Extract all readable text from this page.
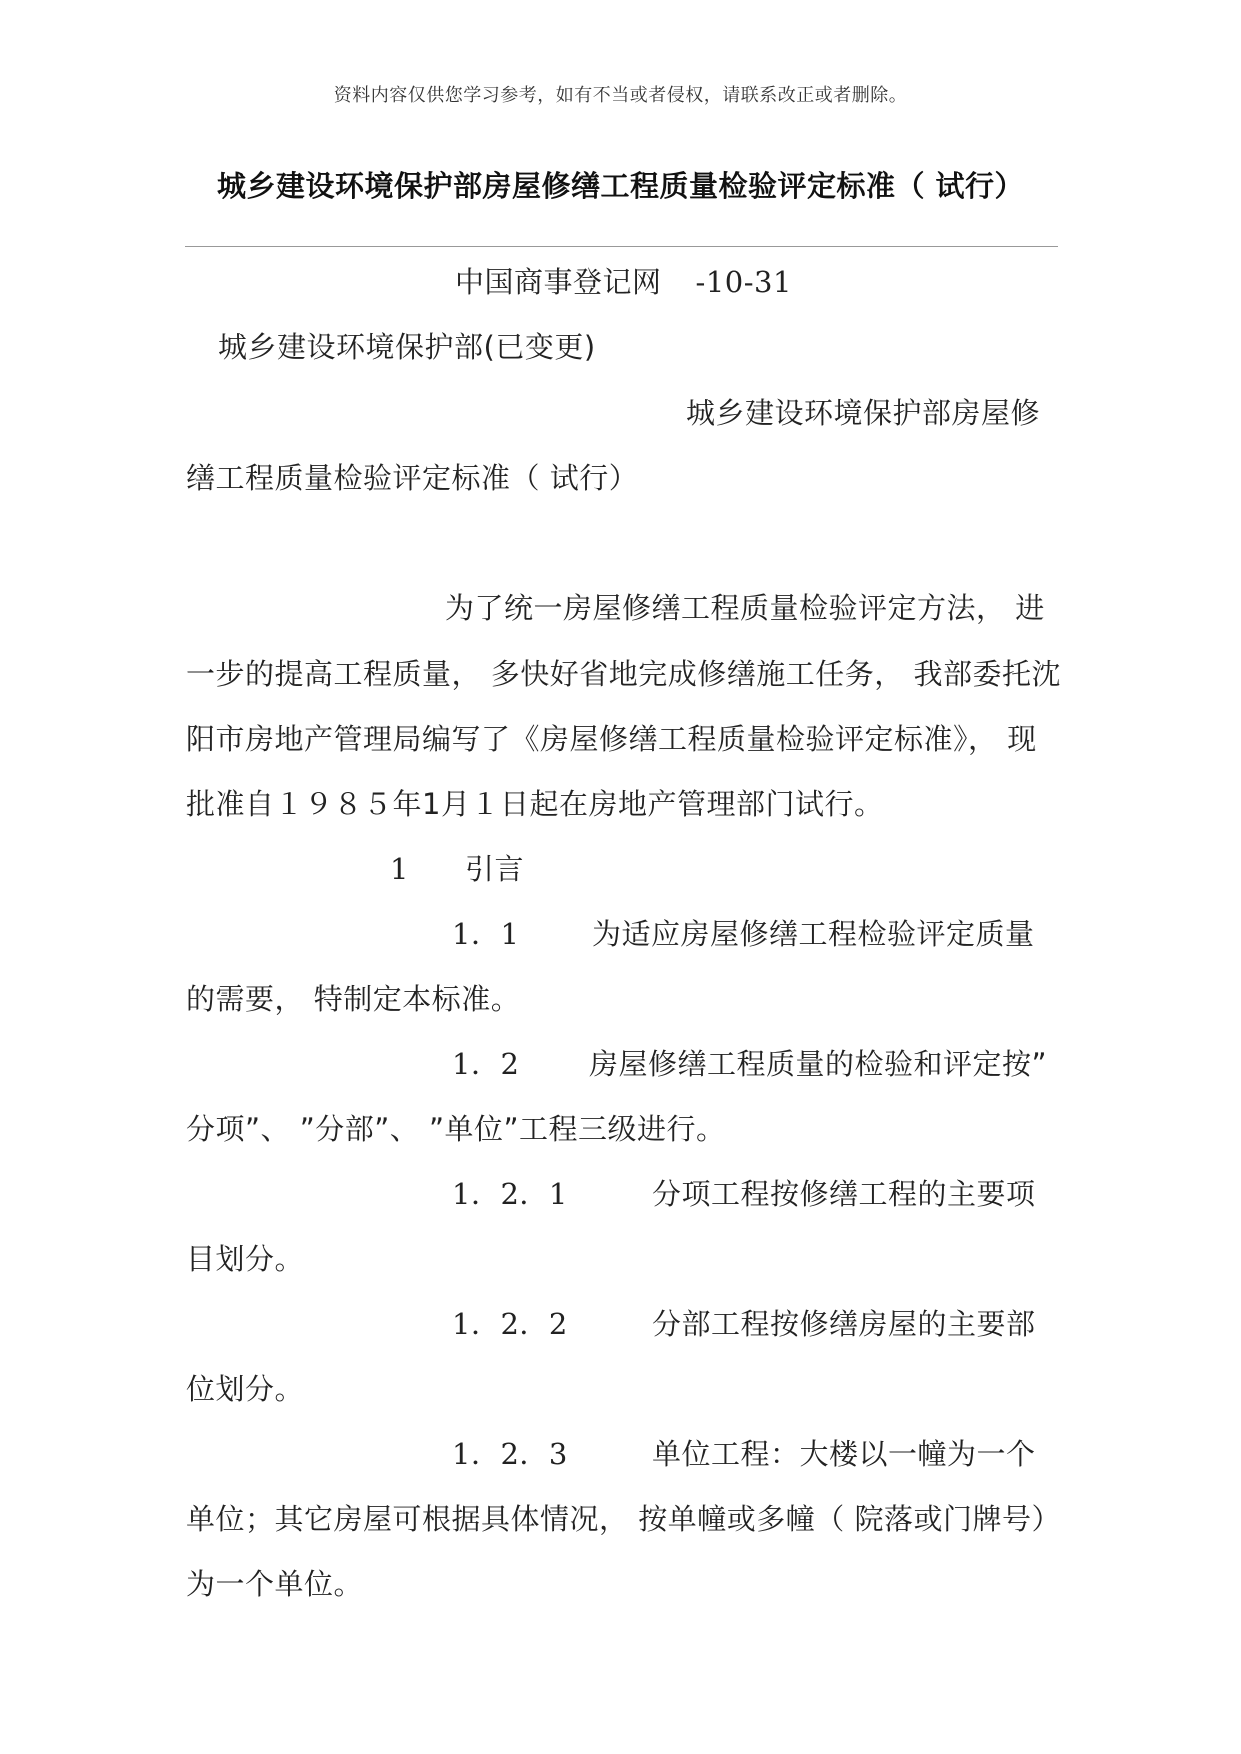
资料内容仅供您学习参考，如有不当或者侵权，请联系改正或者删除。
城乡建设环境保护部房屋修缮工程质量检验评定标准（ 试行）
中国商事登记网 -10-31
城乡建设环境保护部(已变更)
城乡建设环境保护部房屋修
缮工程质量检验评定标准（ 试行）
为了统一房屋修缮工程质量检验评定方法， 进
一步的提高工程质量， 多快好省地完成修缮施工任务， 我部委托沈
阳市房地产管理局编写了《房屋修缮工程质量检验评定标准》， 现
批准自１９８５年1月１日起在房地产管理部门试行。
1 引言
1．1	为适应房屋修缮工程检验评定质量
的需要， 特制定本标准。
1．2 房屋修缮工程质量的检验和评定按”
分项”、 ”分部”、 ”单位”工程三级进行。
1．2．1	分项工程按修缮工程的主要项
目划分。
1．2．2	分部工程按修缮房屋的主要部
位划分。
1．2．3	单位工程：大楼以一幢为一个
单位；其它房屋可根据具体情况， 按单幢或多幢（ 院落或门牌号）
为一个单位。
